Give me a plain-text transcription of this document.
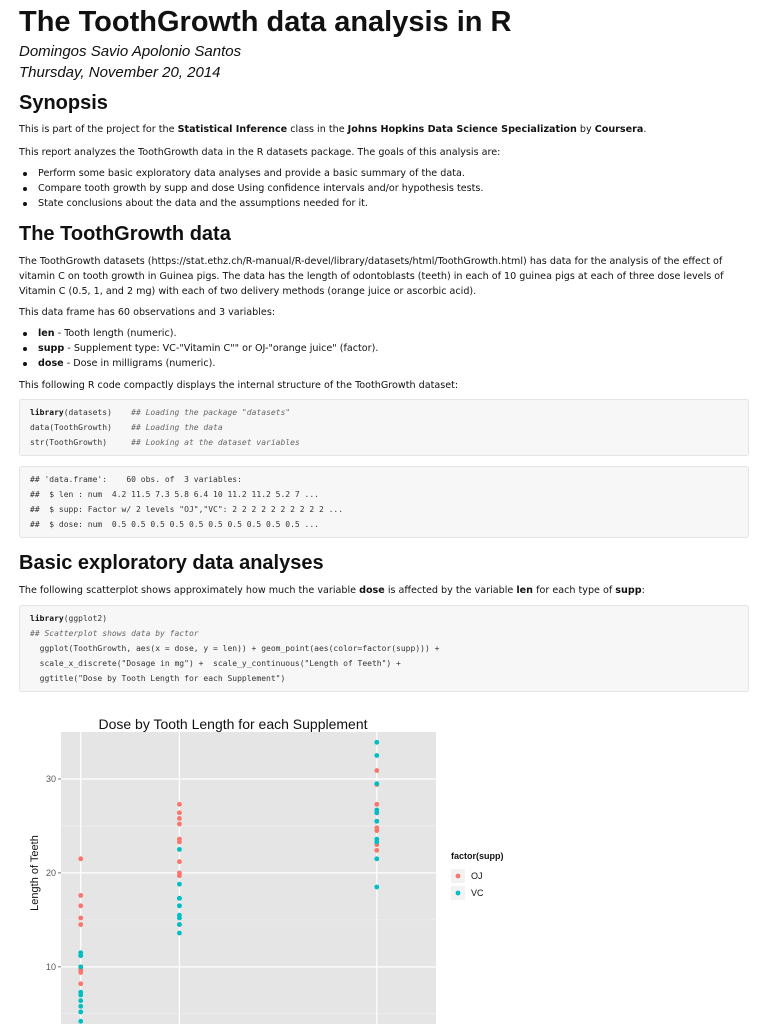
The ToothGrowth data analysis in R
Domingos Savio Apolonio Santos
Thursday, November 20, 2014
Synopsis

This is part of the project for the Statistical Inference class in the Johns Hopkins Data Science Specialization by Coursera.

This report analyzes the ToothGrowth data in the R datasets package. The goals of this analysis are:

Perform some basic exploratory data analyses and provide a basic summary of the data.
Compare tooth growth by supp and dose Using confidence intervals and/or hypothesis tests.
State conclusions about the data and the assumptions needed for it.
The ToothGrowth data

The ToothGrowth datasets (https://stat.ethz.ch/R-manual/R-devel/library/datasets/html/ToothGrowth.html) has data for the analysis of the effect of vitamin C on tooth growth in Guinea pigs. The data has the length of odontoblasts (teeth) in each of 10 guinea pigs at each of three dose levels of Vitamin C (0.5, 1, and 2 mg) with each of two delivery methods (orange juice or ascorbic acid).

This data frame has 60 observations and 3 variables:

len - Tooth length (numeric).
supp - Supplement type: VC-"Vitamin C"" or OJ-"orange juice" (factor).
dose - Dose in milligrams (numeric).

This following R code compactly displays the internal structure of the ToothGrowth dataset:

library(datasets)    ## Loading the package "datasets"
data(ToothGrowth)    ## Loading the data
str(ToothGrowth)     ## Looking at the dataset variables
## 'data.frame':    60 obs. of  3 variables:
##  $ len : num  4.2 11.5 7.3 5.8 6.4 10 11.2 11.2 5.2 7 ...
##  $ supp: Factor w/ 2 levels "OJ","VC": 2 2 2 2 2 2 2 2 2 2 ...
##  $ dose: num  0.5 0.5 0.5 0.5 0.5 0.5 0.5 0.5 0.5 0.5 ...
Basic exploratory data analyses

The following scatterplot shows approximately how much the variable dose is affected by the variable len for each type of supp:

library(ggplot2)
## Scatterplot shows data by factor
ggplot(ToothGrowth, aes(x = dose, y = len)) + geom_point(aes(color=factor(supp))) +
scale_x_discrete("Dosage in mg") +  scale_y_continuous("Length of Teeth") +
ggtitle("Dose by Tooth Length for each Supplement")
10
20
30
Dose by Tooth Length for each Supplement
Length of Teeth	factor(supp)
OJ
VC
